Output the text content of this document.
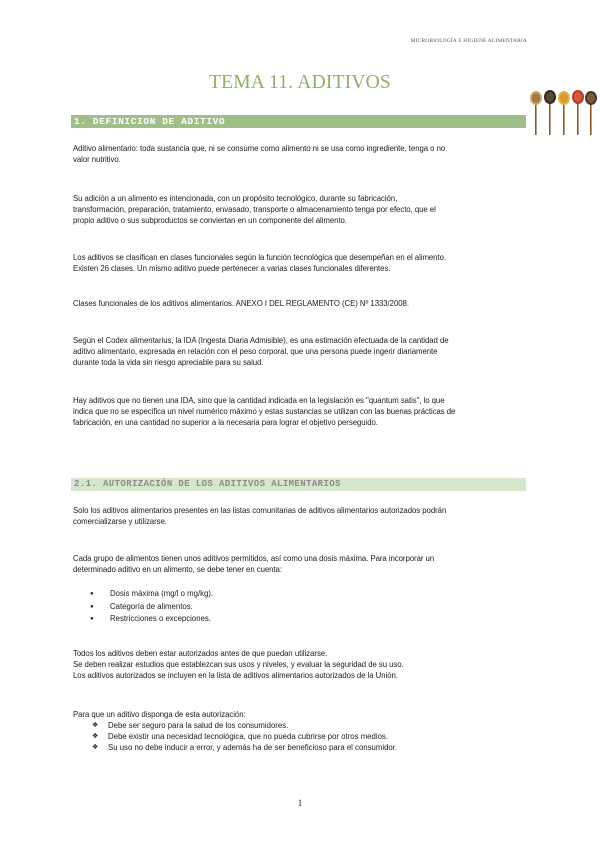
MICROBIOLOGÍA E HIGIENE ALIMENTARIA
TEMA 11. ADITIVOS
1. DEFINICION DE ADITIVO
Aditivo alimentario: toda sustancia que, ni se consume como alimento ni se usa como ingrediente, tenga o no
valor nutritivo.
Su adición a un alimento es intencionada, con un propósito tecnológico, durante su fabricación,
transformación, preparación, tratamiento, envasado, transporte o almacenamiento tenga por efecto, que el
propio aditivo o sus subproductos se conviertan en un componente del alimento.
Los aditivos se clasifican en clases funcionales según la función tecnológica que desempeñan en el alimento.
Existen 26 clases. Un mismo aditivo puede pertenecer a varias clases funcionales diferentes.
Clases funcionales de los aditivos alimentarios. ANEXO I DEL REGLAMENTO (CE) Nº 1333/2008.
Según el Codex alimentarius, la IDA (Ingesta Diaria Admisible), es una estimación efectuada de la cantidad de
aditivo alimentario, expresada en relación con el peso corporal, que una persona puede ingerir diariamente
durante toda la vida sin riesgo apreciable para su salud.
Hay aditivos que no tienen una IDA, sino que la cantidad indicada en la legislación es "quantum satis", lo que
indica que no se especifica un nivel numérico máximo y estas sustancias se utilizan con las buenas prácticas de
fabricación, en una cantidad no superior a la necesaria para lograr el objetivo perseguido.
2.1. AUTORIZACIÓN DE LOS ADITIVOS ALIMENTARIOS
Solo los aditivos alimentarios presentes en las listas comunitarias de aditivos alimentarios autorizados podrán
comercializarse y utilizarse.
Cada grupo de alimentos tienen unos aditivos permitidos, así como una dosis máxima. Para incorporar un
determinado aditivo en un alimento, se debe tener en cuenta:
● Dosis máxima (mg/l o mg/kg).
● Categoría de alimentos.
● Restricciones o excepciones.
Todos los aditivos deben estar autorizados antes de que puedan utilizarse.
Se deben realizar estudios que establezcan sus usos y niveles, y evaluar la seguridad de su uso.
Los aditivos autorizados se incluyen en la lista de aditivos alimentarios autorizados de la Unión.
Para que un aditivo disponga de esta autorización:
❖ Debe ser seguro para la salud de los consumidores.
❖ Debe existir una necesidad tecnológica, que no pueda cubrirse por otros medios.
❖ Su uso no debe inducir a error, y además ha de ser beneficioso para el consumidor.
1
